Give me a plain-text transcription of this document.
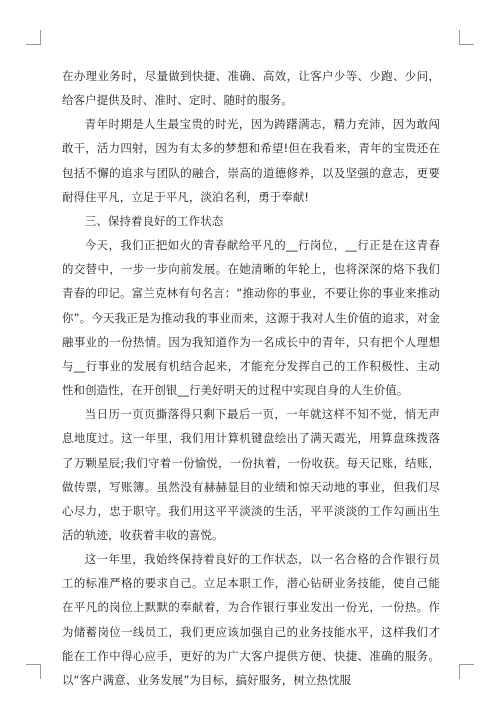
在办理业务时，尽量做到快捷、准确、高效，让客户少等、少跑、少问，给客户提供及时、准时、定时、随时的服务。

青年时期是人生最宝贵的时光，因为踌躇满志，精力充沛，因为敢闯敢干，活力四射，因为有太多的梦想和希望!但在我看来，青年的宝贵还在包括不懈的追求与团队的融合，崇高的道德修养，以及坚强的意志，更要耐得住平凡，立足于平凡，淡泊名利，勇于奉献!

三、保持着良好的工作状态

今天，我们正把如火的青春献给平凡的__行岗位，__行正是在这青春的交替中，一步一步向前发展。在她清晰的年轮上，也将深深的烙下我们青春的印记。富兰克林有句名言：“推动你的事业，不要让你的事业来推动你”。今天我正是为推动我的事业而来，这源于我对人生价值的追求，对金融事业的一份热情。因为我知道作为一名成长中的青年，只有把个人理想与__行事业的发展有机结合起来，才能充分发挥自己的工作积极性、主动性和创造性，在开创银__行美好明天的过程中实现自身的人生价值。

当日历一页页撕落得只剩下最后一页，一年就这样不知不觉，悄无声息地度过。这一年里，我们用计算机键盘绘出了满天霞光，用算盘珠拨落了万颗星辰;我们守着一份愉悦，一份执着，一份收获。每天记账，结账，做传票，写账簿。虽然没有赫赫显目的业绩和惊天动地的事业，但我们尽心尽力，忠于职守。我们用这平平淡淡的生活，平平淡淡的工作勾画出生活的轨迹，收获着丰收的喜悦。

这一年里，我始终保持着良好的工作状态，以一名合格的合作银行员工的标准严格的要求自己。立足本职工作，潜心钻研业务技能，使自己能在平凡的岗位上默默的奉献着，为合作银行事业发出一份光，一份热。作为储蓄岗位一线员工，我们更应该加强自己的业务技能水平，这样我们才能在工作中得心应手，更好的为广大客户提供方便、快捷、准确的服务。以“客户满意、业务发展”为目标，搞好服务，树立热忱服
